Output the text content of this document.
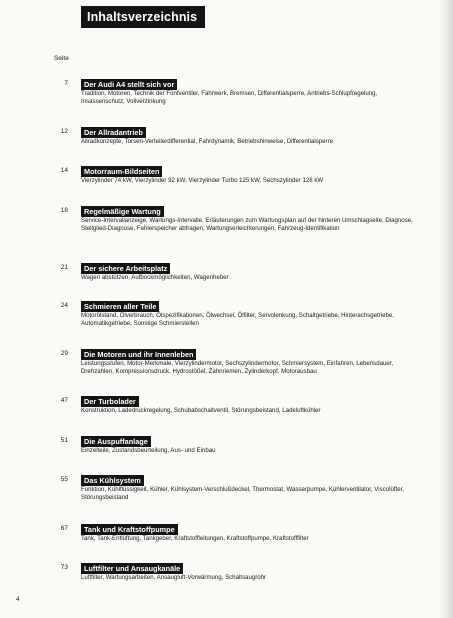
Inhaltsverzeichnis
Seite
7	Der Audi A4 stellt sich vor
Tradition, Motoren, Technik der Fünfventiler, Fahrwerk, Bremsen, Differentialsperre, Antriebs-Schlupfregelung, Insassenschutz, Vollverzinkung
12	Der Allradantrieb
Allradkonzepte, Torsen-Verteilerdifferential, Fahrdynamik, Betriebshinweise, Differentialsperre
14	Motorraum-Bildseiten
Vierzylinder 74 kW, Vierzylinder 92 kW, Vierzylinder Turbo 125 kW, Sechszylinder 128 kW
18	Regelmäßige Wartung
Service-Intervallanzeige, Wartungs-Intervalle, Erläuterungen zum Wartungsplan auf der hinteren Umschlagseite, Diagnose, Stellglied-Diagnose, Fehlerspeicher abfragen, Wartungserleichterungen, Fahrzeug-Identifikation
21	Der sichere Arbeitsplatz
Wagen abstützen, Aufbockmöglichkeiten, Wagenheber
24	Schmieren aller Teile
Motorölstand, Ölverbrauch, Ölspezifikationen, Ölwechsel, Ölfilter, Servolenkung, Schaltgetriebe, Hinterachsgetriebe, Automatikgetriebe, Sonstige Schmierstellen
29	Die Motoren und ihr Innenleben
Leistungsstufen, Motor-Merkmale, Vierzylindermotor, Sechszylindermotor, Schmiersystem, Einfahren, Lebensdauer, Drehzahlen, Kompressionsdruck, Hydrostößel, Zahnriemen, Zylinderkopf, Motorausbau
47	Der Turbolader
Konstruktion, Ladedruckregelung, Schubabschaltventil, Störungsbeistand, Ladeluftkühler
51	Die Auspuffanlage
Einzelteile, Zustandsbeurteilung, Aus- und Einbau
55	Das Kühlsystem
Funktion, Kühlflüssigkeit, Kühler, Kühlsystem-Verschlußdeckel, Thermostat, Wasserpumpe, Kühlerventilator, Viscolüfter, Störungsbeistand
67	Tank und Kraftstoffpumpe
Tank, Tank-Entlüftung, Tankgeber, Kraftstoffleitungen, Kraftstoffpumpe, Kraftstofffilter
73	Luftfilter und Ansaugkanäle
Luftfilter, Wartungsarbeiten, Ansaugluft-Vorwärmung, Schaltsaugrohr
4
